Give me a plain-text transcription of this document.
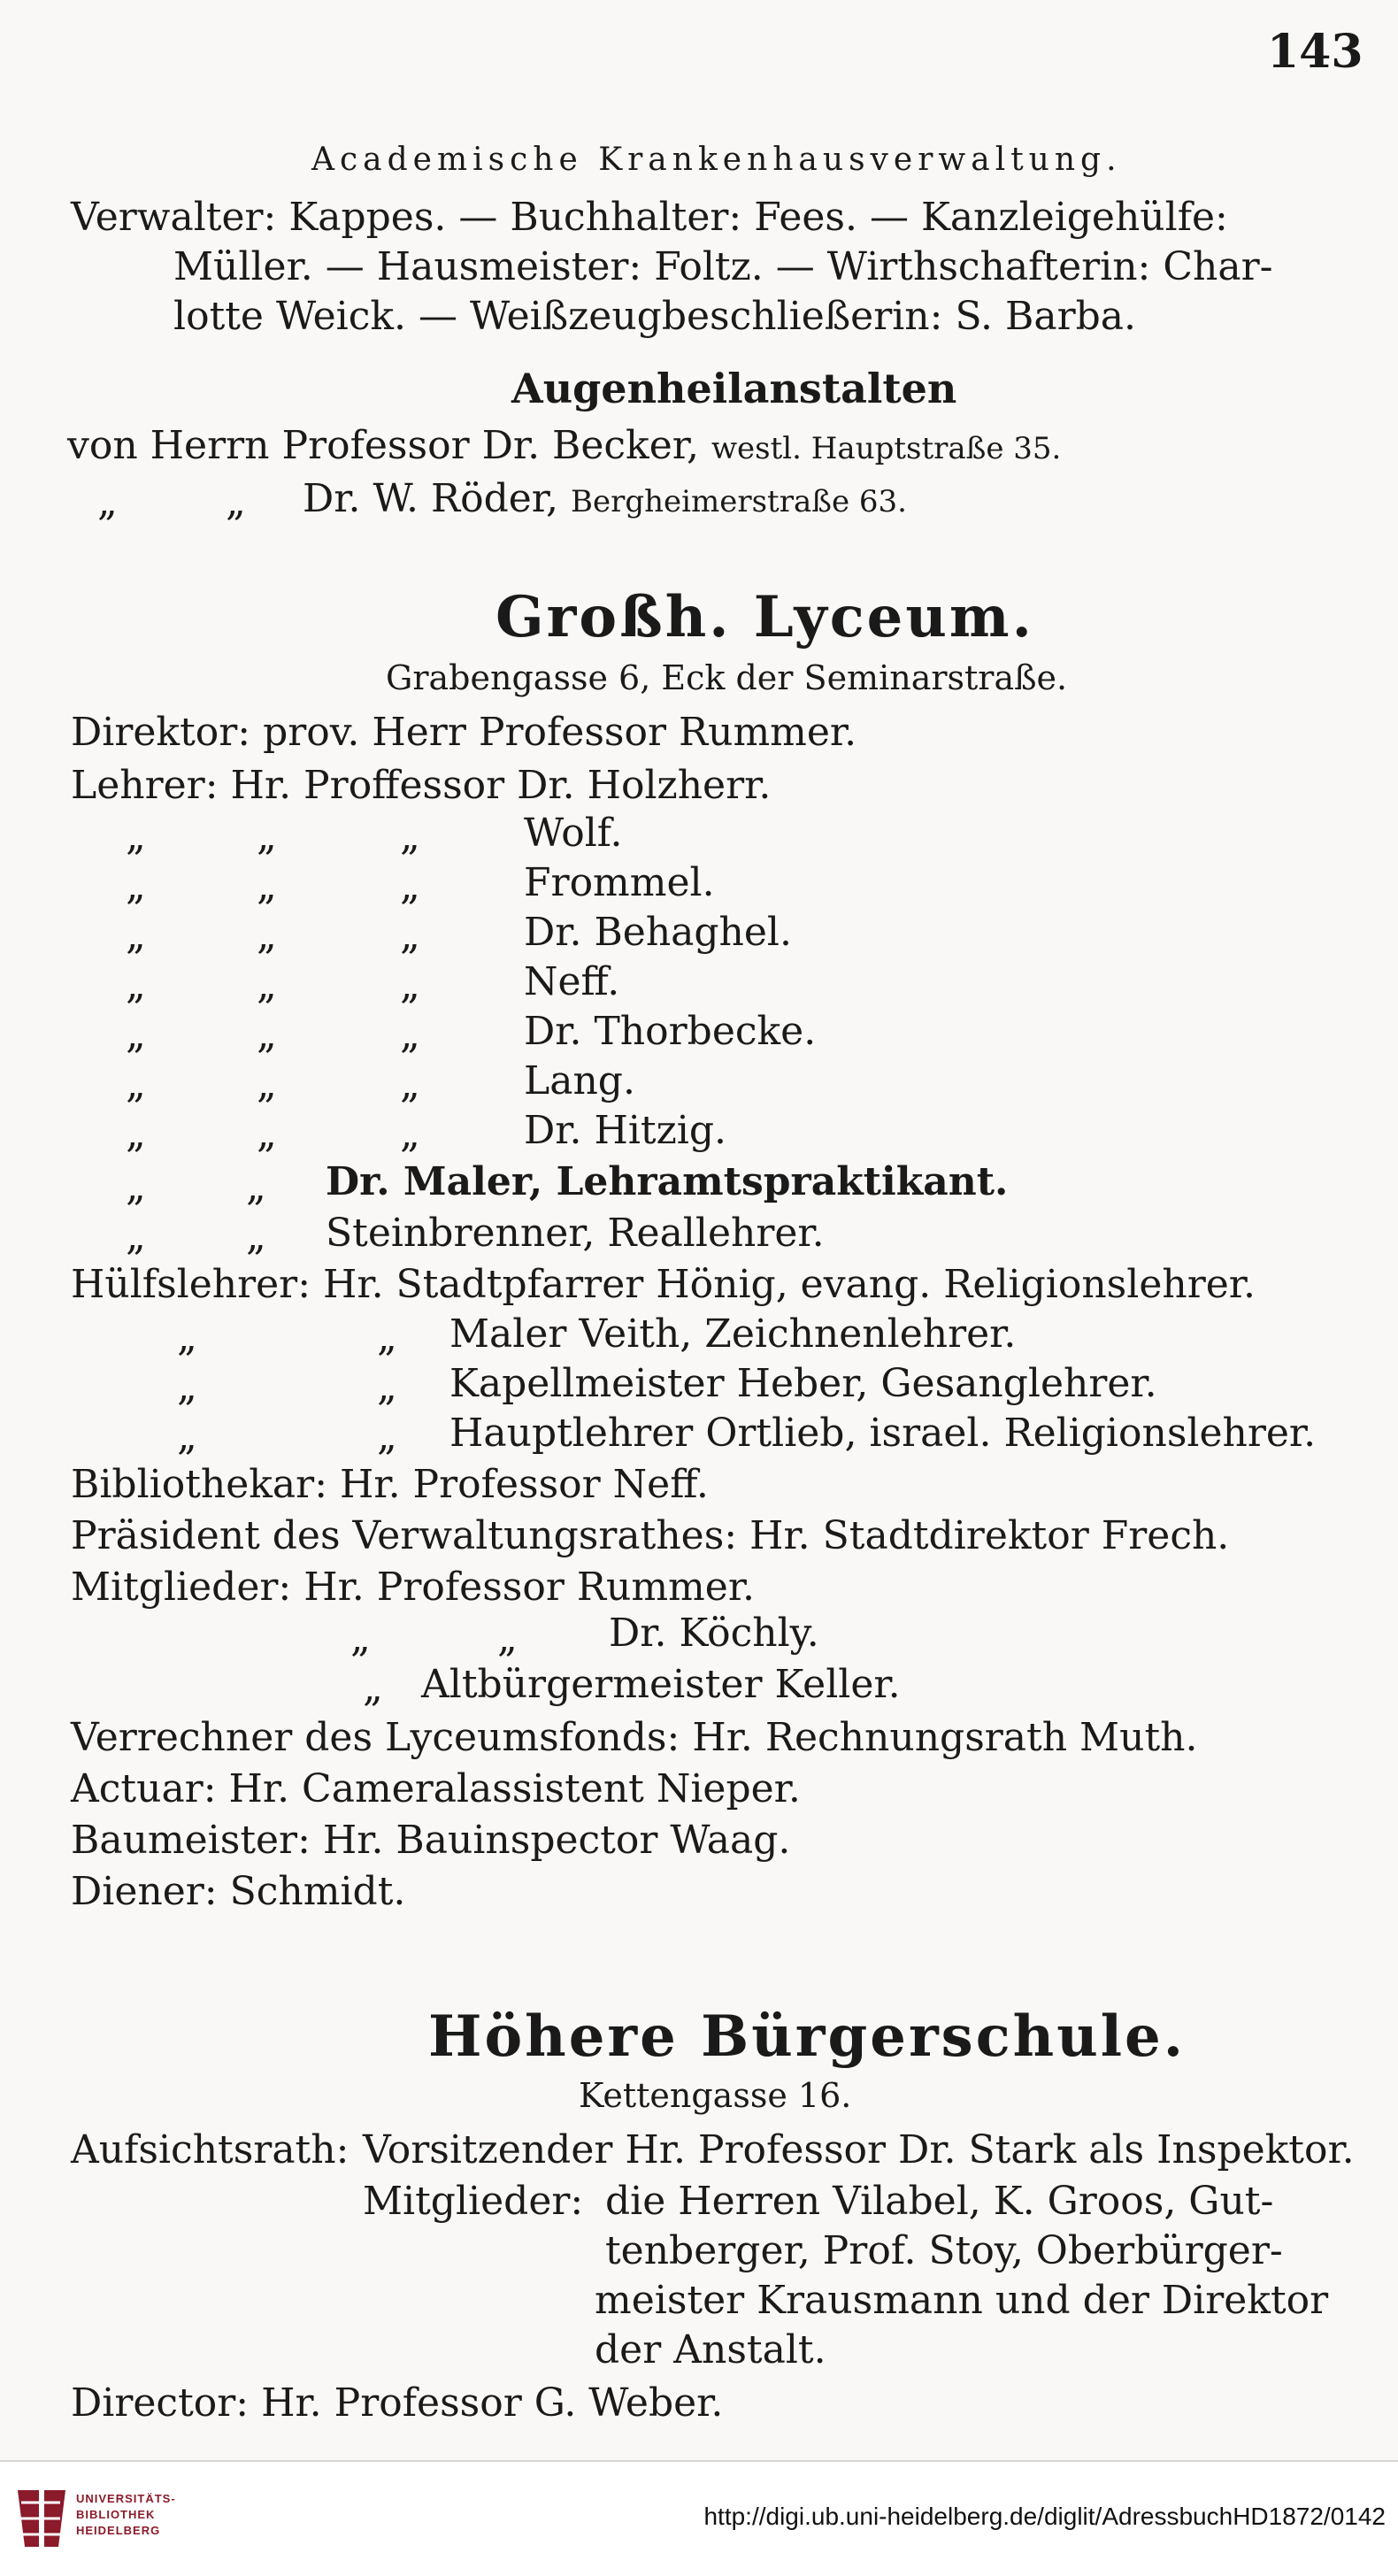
143
Academische Krankenhausverwaltung.
Verwalter: Kappes. — Buchhalter: Fees. — Kanzleigehülfe:
Müller. — Hausmeister: Foltz. — Wirthschafterin: Char-
lotte Weick. — Weißzeugbeschließerin: S. Barba.
Augenheilanstalten
von Herrn Professor Dr. Becker, westl. Hauptstraße 35.
„	„ Dr. W. Röder, Bergheimerstraße 63.
Großh. Lyceum.
Grabengasse 6, Eck der Seminarstraße.
Direktor: prov. Herr Professor Rummer.
Lehrer: Hr. Proffessor Dr. Holzherr.
„	„	„	Wolf.
„	„	„	Frommel.
„	„	„	Dr. Behaghel.
„	„	„	Neff.
„	„	„	Dr. Thorbecke.
„	„	„	Lang.
„	„	„	Dr. Hitzig.
„	„ Dr. Maler, Lehramtspraktikant.
„	„ Steinbrenner, Reallehrer.
Hülfslehrer: Hr. Stadtpfarrer Hönig, evang. Religionslehrer.
„	„ Maler Veith, Zeichnenlehrer.
„	„ Kapellmeister Heber, Gesanglehrer.
„	„ Hauptlehrer Ortlieb, israel. Religionslehrer.
Bibliothekar: Hr. Professor Neff.
Präsident des Verwaltungsrathes: Hr. Stadtdirektor Frech.
Mitglieder: Hr. Professor Rummer.
„	„ Dr. Köchly.
„ Altbürgermeister Keller.
Verrechner des Lyceumsfonds: Hr. Rechnungsrath Muth.
Actuar: Hr. Cameralassistent Nieper.
Baumeister: Hr. Bauinspector Waag.
Diener: Schmidt.
Höhere Bürgerschule.
Kettengasse 16.
Aufsichtsrath: Vorsitzender Hr. Professor Dr. Stark als Inspektor.
Mitglieder: die Herren Vilabel, K. Groos, Gut-
tenberger, Prof. Stoy, Oberbürger-
meister Krausmann und der Direktor
der Anstalt.
Director: Hr. Professor G. Weber.
UNIVERSITÄTS-
BIBLIOTHEK
HEIDELBERG
http://digi.ub.uni-heidelberg.de/diglit/AdressbuchHD1872/0142
